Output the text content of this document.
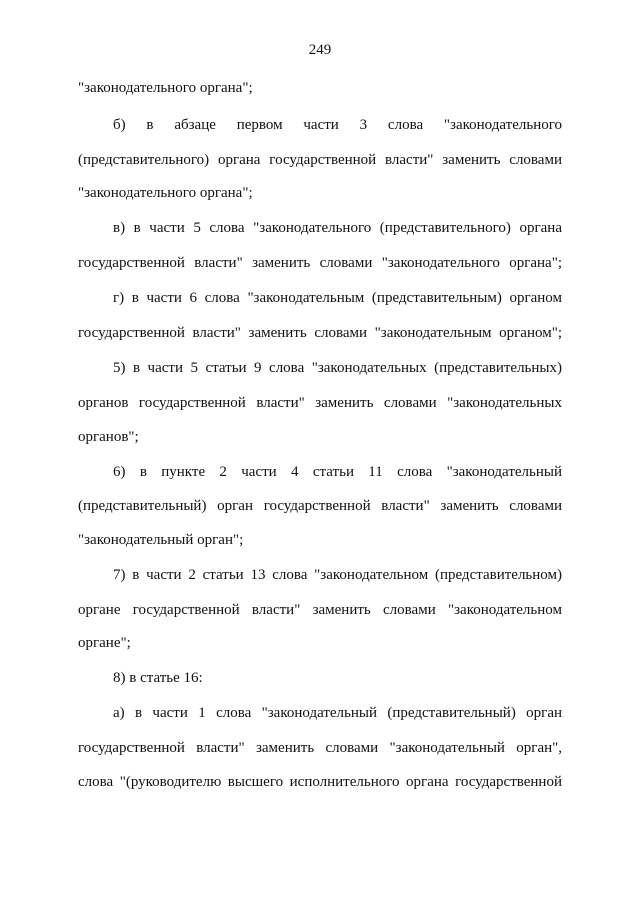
249
"законодательного органа";
б) в абзаце первом части 3 слова "законодательного
(представительного) органа государственной власти" заменить словами
"законодательного органа";
в) в части 5 слова "законодательного (представительного) органа
государственной власти" заменить словами "законодательного органа";
г) в части 6 слова "законодательным (представительным) органом
государственной власти" заменить словами "законодательным органом";
5) в части 5 статьи 9 слова "законодательных (представительных)
органов государственной власти" заменить словами "законодательных
органов";
6) в пункте 2 части 4 статьи 11 слова "законодательный
(представительный) орган государственной власти" заменить словами
"законодательный орган";
7) в части 2 статьи 13 слова "законодательном (представительном)
органе государственной власти" заменить словами "законодательном
органе";
8) в статье 16:
а) в части 1 слова "законодательный (представительный) орган
государственной власти" заменить словами "законодательный орган",
слова "(руководителю высшего исполнительного органа государственной
